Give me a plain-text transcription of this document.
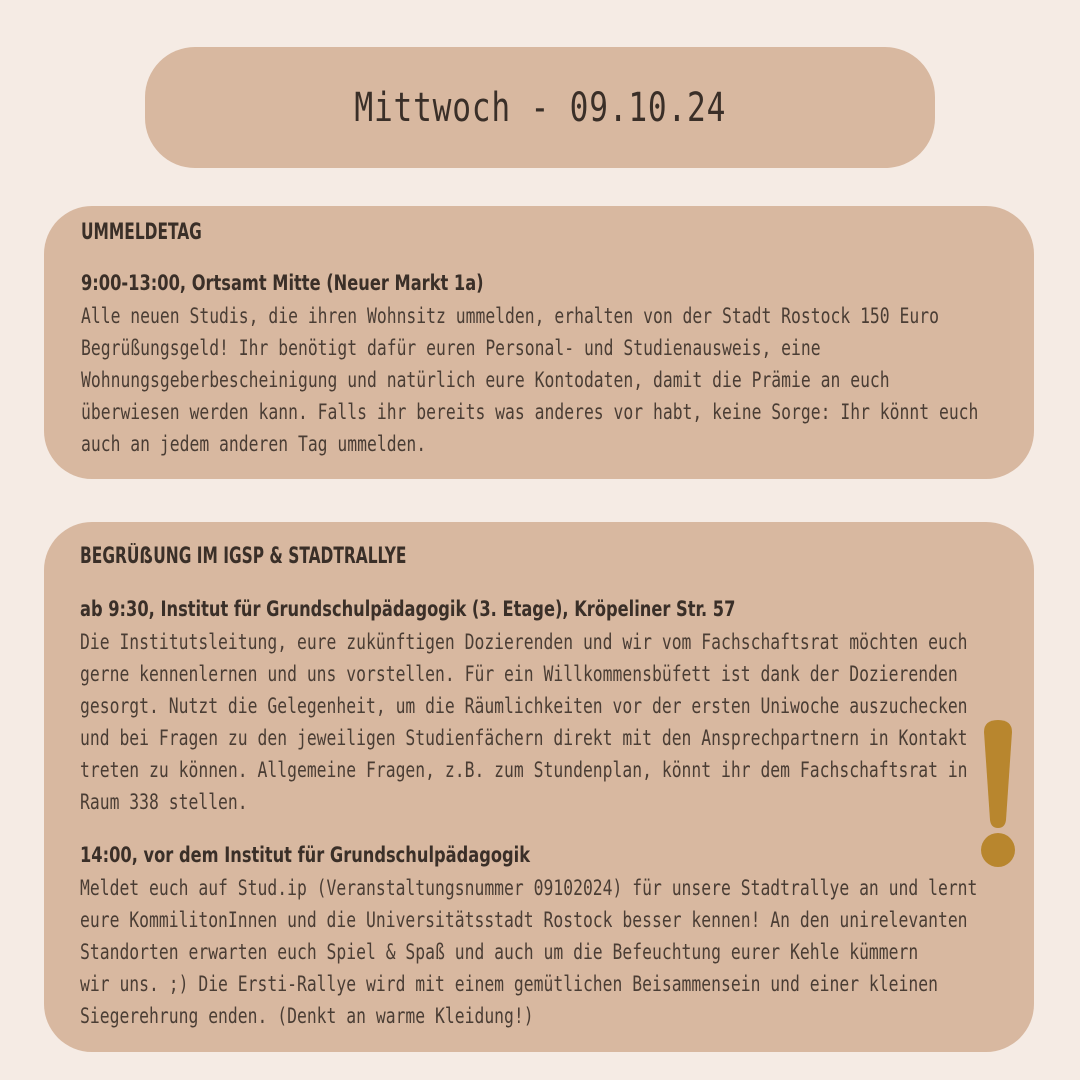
Mittwoch - 09.10.24
UMMELDETAG
9:00-13:00, Ortsamt Mitte (Neuer Markt 1a)
Alle neuen Studis, die ihren Wohnsitz ummelden, erhalten von der Stadt Rostock 150 Euro
Begrüßungsgeld! Ihr benötigt dafür euren Personal- und Studienausweis, eine
Wohnungsgeberbescheinigung und natürlich eure Kontodaten, damit die Prämie an euch
überwiesen werden kann. Falls ihr bereits was anderes vor habt, keine Sorge: Ihr könnt euch
auch an jedem anderen Tag ummelden.
BEGRÜẞUNG IM IGSP & STADTRALLYE
ab 9:30, Institut für Grundschulpädagogik (3. Etage), Kröpeliner Str. 57
Die Institutsleitung, eure zukünftigen Dozierenden und wir vom Fachschaftsrat möchten euch
gerne kennenlernen und uns vorstellen. Für ein Willkommensbüfett ist dank der Dozierenden
gesorgt. Nutzt die Gelegenheit, um die Räumlichkeiten vor der ersten Uniwoche auszuchecken
und bei Fragen zu den jeweiligen Studienfächern direkt mit den Ansprechpartnern in Kontakt
treten zu können. Allgemeine Fragen, z.B. zum Stundenplan, könnt ihr dem Fachschaftsrat in
Raum 338 stellen.
14:00, vor dem Institut für Grundschulpädagogik
Meldet euch auf Stud.ip (Veranstaltungsnummer 09102024) für unsere Stadtrallye an und lernt
eure KommilitonInnen und die Universitätsstadt Rostock besser kennen! An den unirelevanten
Standorten erwarten euch Spiel & Spaß und auch um die Befeuchtung eurer Kehle kümmern
wir uns. ;) Die Ersti-Rallye wird mit einem gemütlichen Beisammensein und einer kleinen
Siegerehrung enden. (Denkt an warme Kleidung!)
